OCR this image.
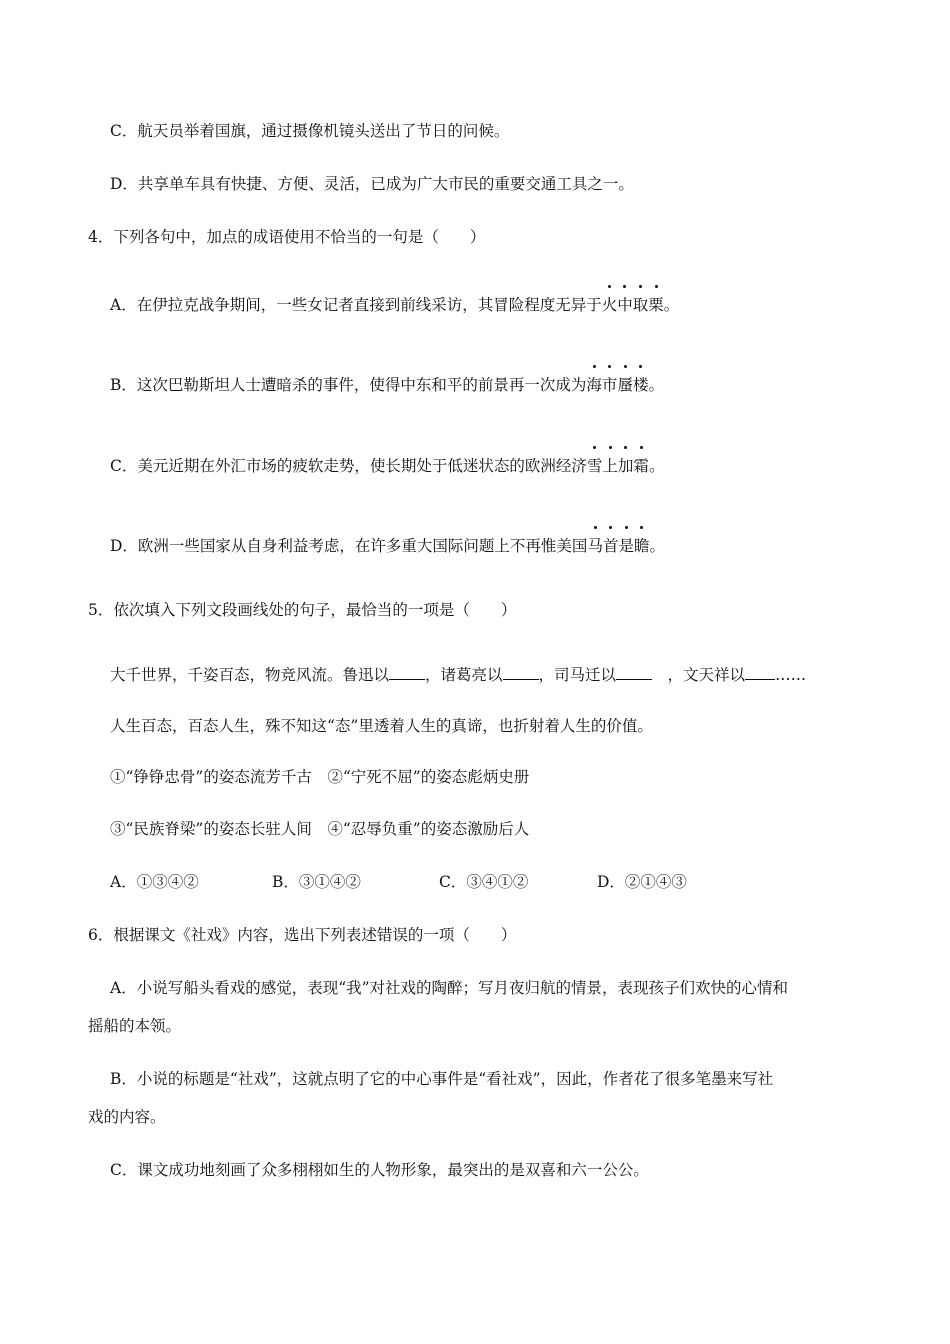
C．航天员举着国旗，通过摄像机镜头送出了节日的问候。
D．共享单车具有快捷、方便、灵活，已成为广大市民的重要交通工具之一。
4．下列各句中，加点的成语使用不恰当的一句是（　　）
A．在伊拉克战争期间，一些女记者直接到前线采访，其冒险程度无异于火
中
取
栗
。
B．这次巴勒斯坦人士遭暗杀的事件，使得中东和平的前景再一次成为海
市
蜃
楼
。
C．美元近期在外汇市场的疲软走势，使长期处于低迷状态的欧洲经济雪
上
加
霜
。
D．欧洲一些国家从自身利益考虑，在许多重大国际问题上不再惟美国马
首
是
瞻
。
5．依次填入下列文段画线处的句子，最恰当的一项是（　　）
大千世界，千姿百态，物竞风流。鲁迅以 ，诸葛亮以 ，司马迁以　，文天祥以 ……
人生百态，百态人生，殊不知这“态”里透着人生的真谛，也折射着人生的价值。
①“铮铮忠骨”的姿态流芳千古　②“宁死不屈”的姿态彪炳史册
③“民族脊梁”的姿态长驻人间　④“忍辱负重”的姿态激励后人
A．①③④②	B．③①④②	C．③④①②	D．②①④③
6．根据课文《社戏》内容，选出下列表述错误的一项（　　）
A．小说写船头看戏的感觉，表现“我”对社戏的陶醉；写月夜归航的情景，表现孩子们欢快的心情和
摇船的本领。
B．小说的标题是“社戏”，这就点明了它的中心事件是“看社戏”，因此，作者花了很多笔墨来写社
戏的内容。
C．课文成功地刻画了众多栩栩如生的人物形象，最突出的是双喜和六一公公。
